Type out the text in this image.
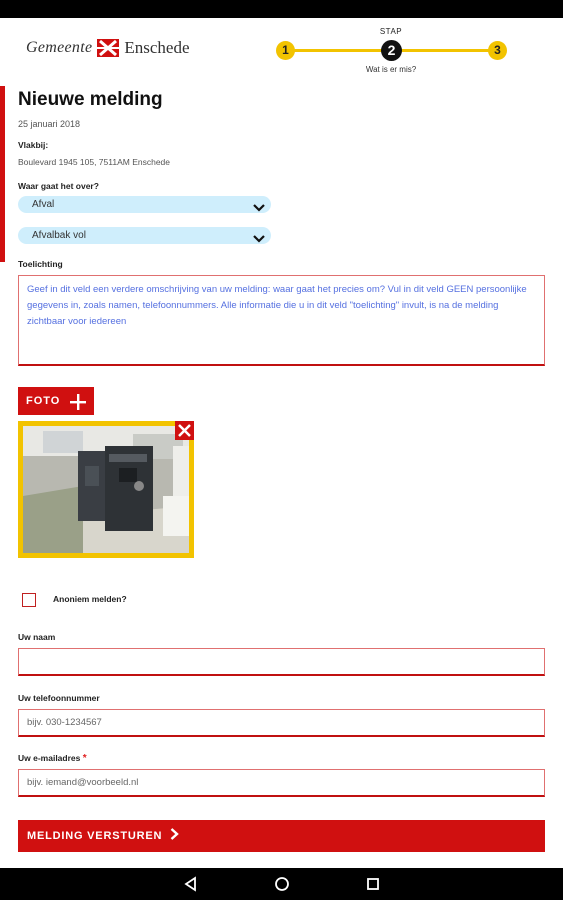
Gemeente Enschede
STAP
1	2	3
Wat is er mis?
Nieuwe melding
25 januari 2018
Vlakbij:
Boulevard 1945 105, 7511AM Enschede
Waar gaat het over?
Afval
Afvalbak vol
Toelichting
Geef in dit veld een verdere omschrijving van uw melding: waar gaat het precies om? Vul in dit veld GEEN persoonlijke gegevens in, zoals namen, telefoonnummers. Alle informatie die u in dit veld "toelichting" invult, is na de melding zichtbaar voor iedereen
FOTO
Anoniem melden?
Uw naam
Uw telefoonnummer
bijv. 030-1234567
Uw e-mailadres *
bijv. iemand@voorbeeld.nl
MELDING VERSTUREN
